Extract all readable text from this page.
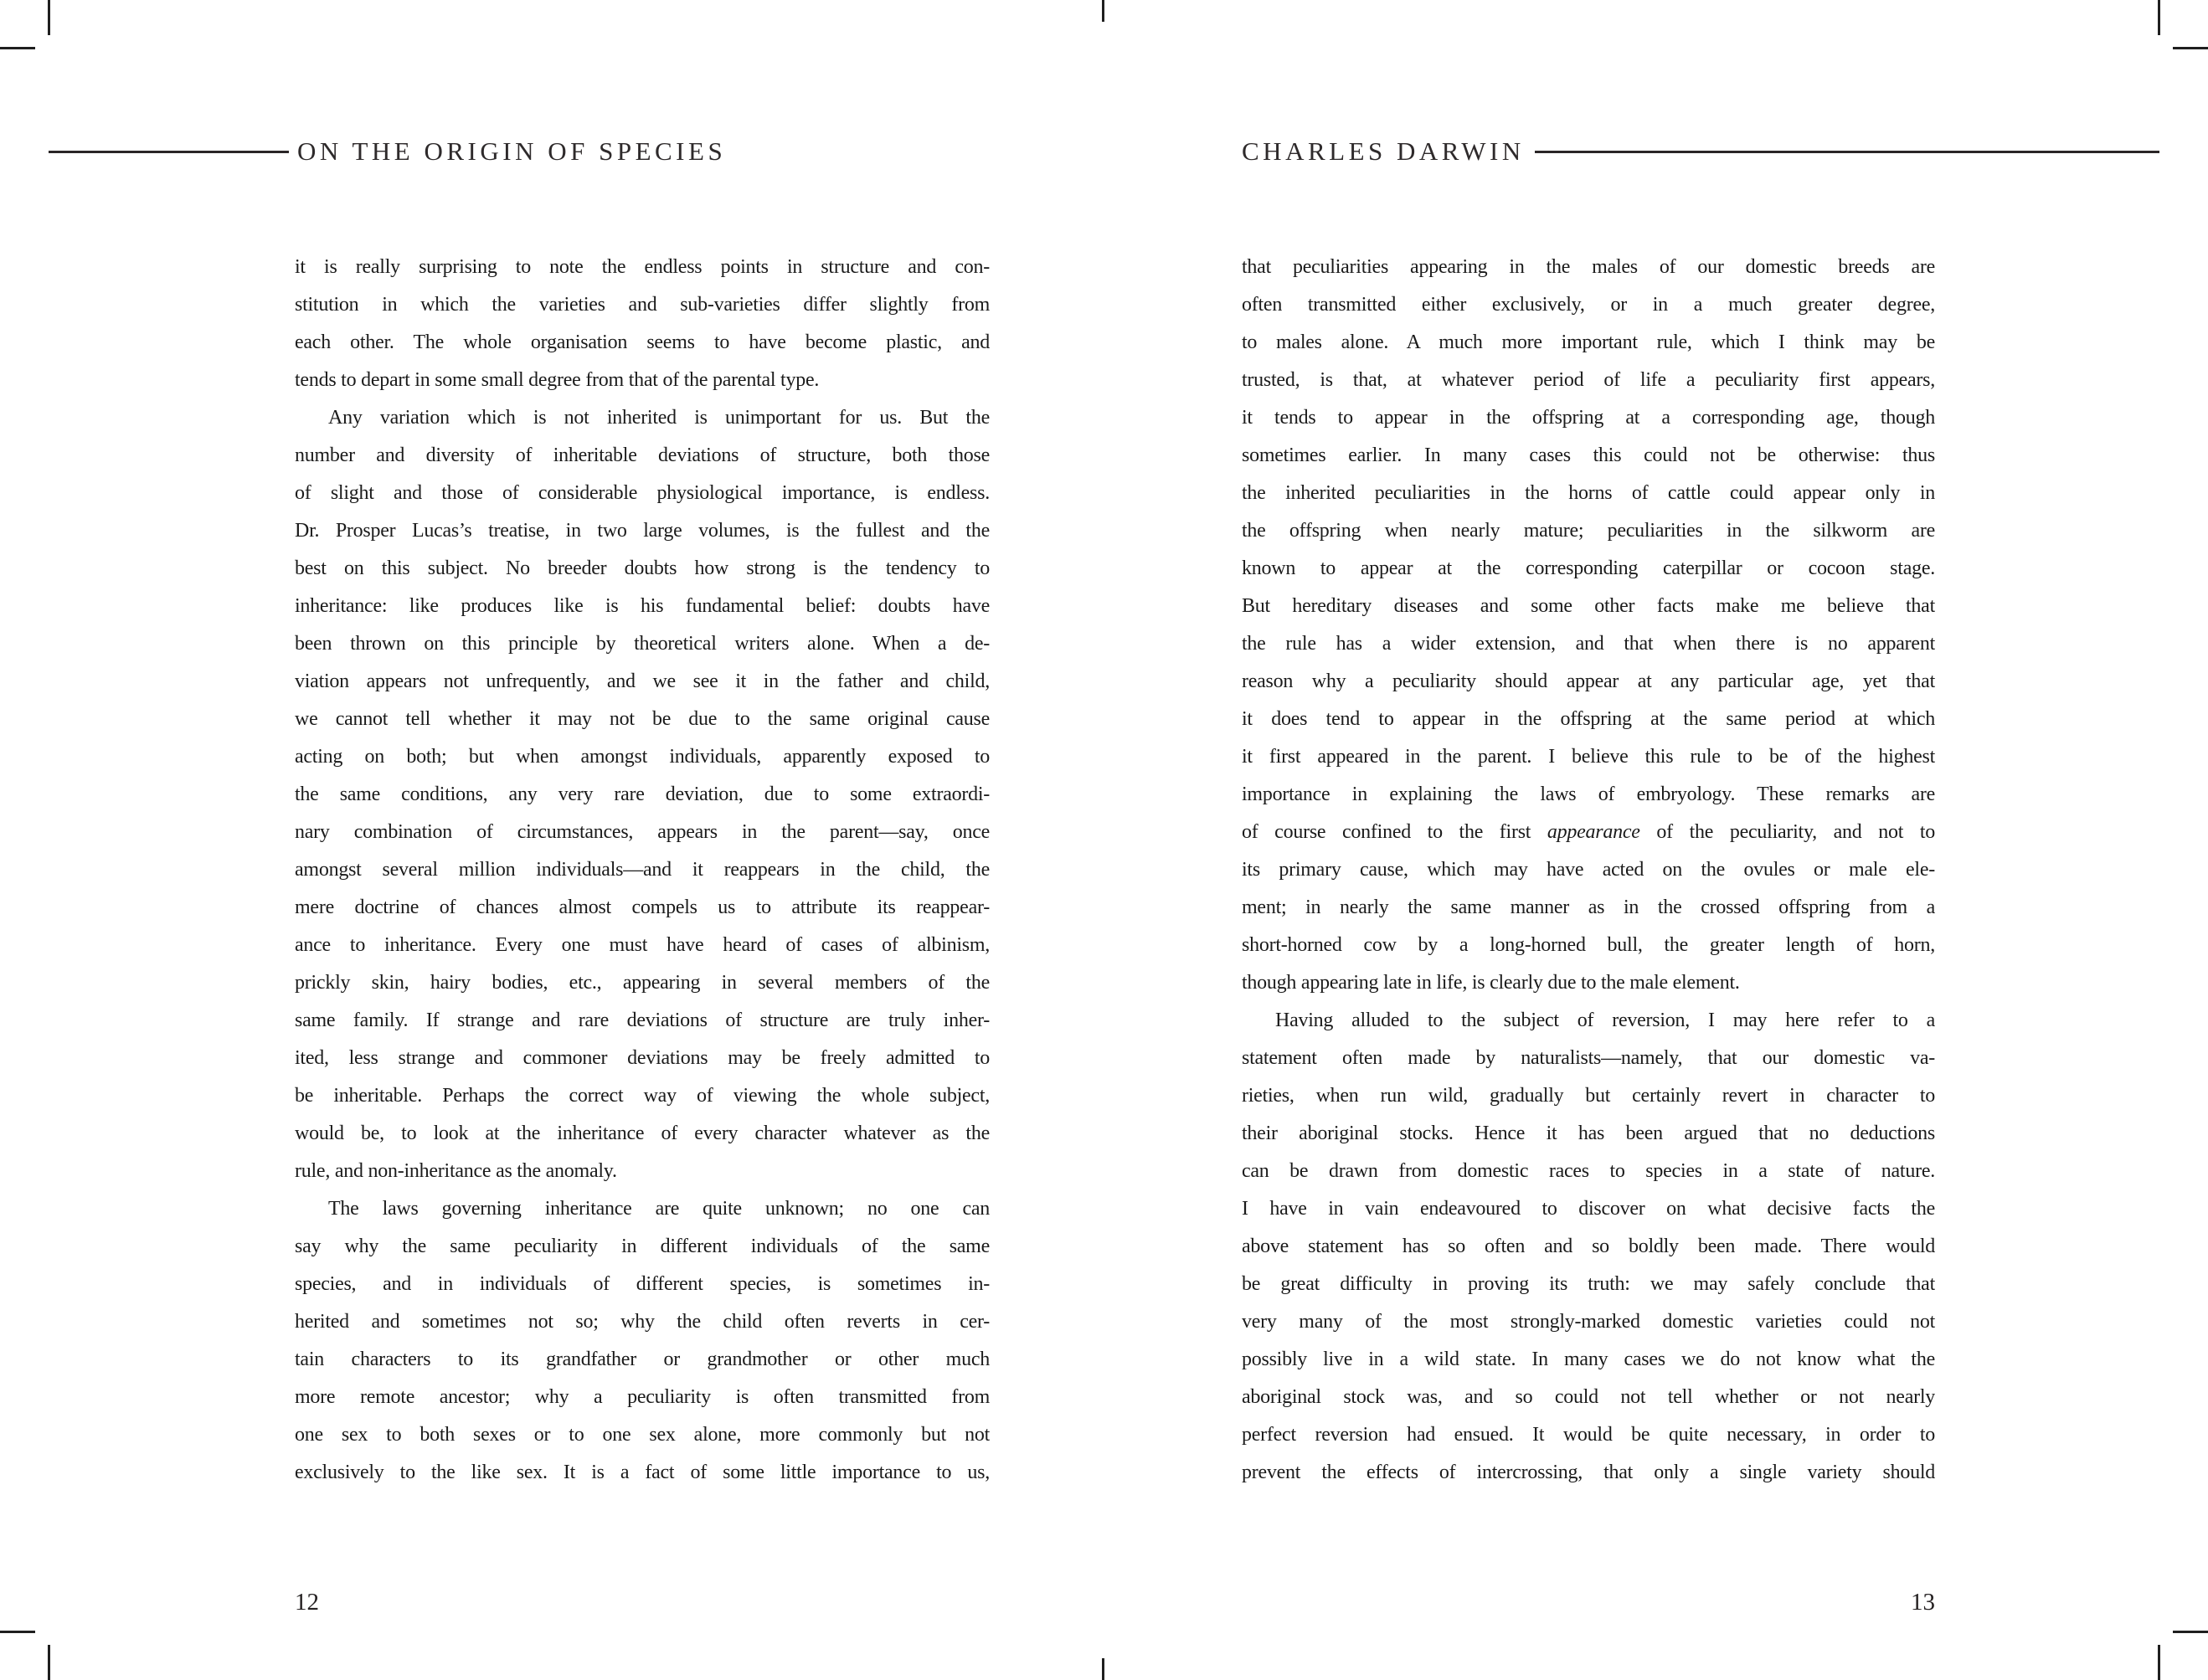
ON THE ORIGIN OF SPECIES	CHARLES DARWIN
it is really surprising to note the endless points in structure and con-
stitution in which the varieties and sub-varieties differ slightly from
each other. The whole organisation seems to have become plastic, and
tends to depart in some small degree from that of the parental type.
Any variation which is not inherited is unimportant for us. But the
number and diversity of inheritable deviations of structure, both those
of slight and those of considerable physiological importance, is endless.
Dr. Prosper Lucas’s treatise, in two large volumes, is the fullest and the
best on this subject. No breeder doubts how strong is the tendency to
inheritance: like produces like is his fundamental belief: doubts have
been thrown on this principle by theoretical writers alone. When a de-
viation appears not unfrequently, and we see it in the father and child,
we cannot tell whether it may not be due to the same original cause
acting on both; but when amongst individuals, apparently exposed to
the same conditions, any very rare deviation, due to some extraordi-
nary combination of circumstances, appears in the parent—say, once
amongst several million individuals—and it reappears in the child, the
mere doctrine of chances almost compels us to attribute its reappear-
ance to inheritance. Every one must have heard of cases of albinism,
prickly skin, hairy bodies, etc., appearing in several members of the
same family. If strange and rare deviations of structure are truly inher-
ited, less strange and commoner deviations may be freely admitted to
be inheritable. Perhaps the correct way of viewing the whole subject,
would be, to look at the inheritance of every character whatever as the
rule, and non-inheritance as the anomaly.
The laws governing inheritance are quite unknown; no one can
say why the same peculiarity in different individuals of the same
species, and in individuals of different species, is sometimes in-
herited and sometimes not so; why the child often reverts in cer-
tain characters to its grandfather or grandmother or other much
more remote ancestor; why a peculiarity is often transmitted from
one sex to both sexes or to one sex alone, more commonly but not
exclusively to the like sex. It is a fact of some little importance to us,
that peculiarities appearing in the males of our domestic breeds are
often transmitted either exclusively, or in a much greater degree,
to males alone. A much more important rule, which I think may be
trusted, is that, at whatever period of life a peculiarity first appears,
it tends to appear in the offspring at a corresponding age, though
sometimes earlier. In many cases this could not be otherwise: thus
the inherited peculiarities in the horns of cattle could appear only in
the offspring when nearly mature; peculiarities in the silkworm are
known to appear at the corresponding caterpillar or cocoon stage.
But hereditary diseases and some other facts make me believe that
the rule has a wider extension, and that when there is no apparent
reason why a peculiarity should appear at any particular age, yet that
it does tend to appear in the offspring at the same period at which
it first appeared in the parent. I believe this rule to be of the highest
importance in explaining the laws of embryology. These remarks are
of course confined to the first appearance of the peculiarity, and not to
its primary cause, which may have acted on the ovules or male ele-
ment; in nearly the same manner as in the crossed offspring from a
short-horned cow by a long-horned bull, the greater length of horn,
though appearing late in life, is clearly due to the male element.
Having alluded to the subject of reversion, I may here refer to a
statement often made by naturalists—namely, that our domestic va-
rieties, when run wild, gradually but certainly revert in character to
their aboriginal stocks. Hence it has been argued that no deductions
can be drawn from domestic races to species in a state of nature.
I have in vain endeavoured to discover on what decisive facts the
above statement has so often and so boldly been made. There would
be great difficulty in proving its truth: we may safely conclude that
very many of the most strongly-marked domestic varieties could not
possibly live in a wild state. In many cases we do not know what the
aboriginal stock was, and so could not tell whether or not nearly
perfect reversion had ensued. It would be quite necessary, in order to
prevent the effects of intercrossing, that only a single variety should
12	13
